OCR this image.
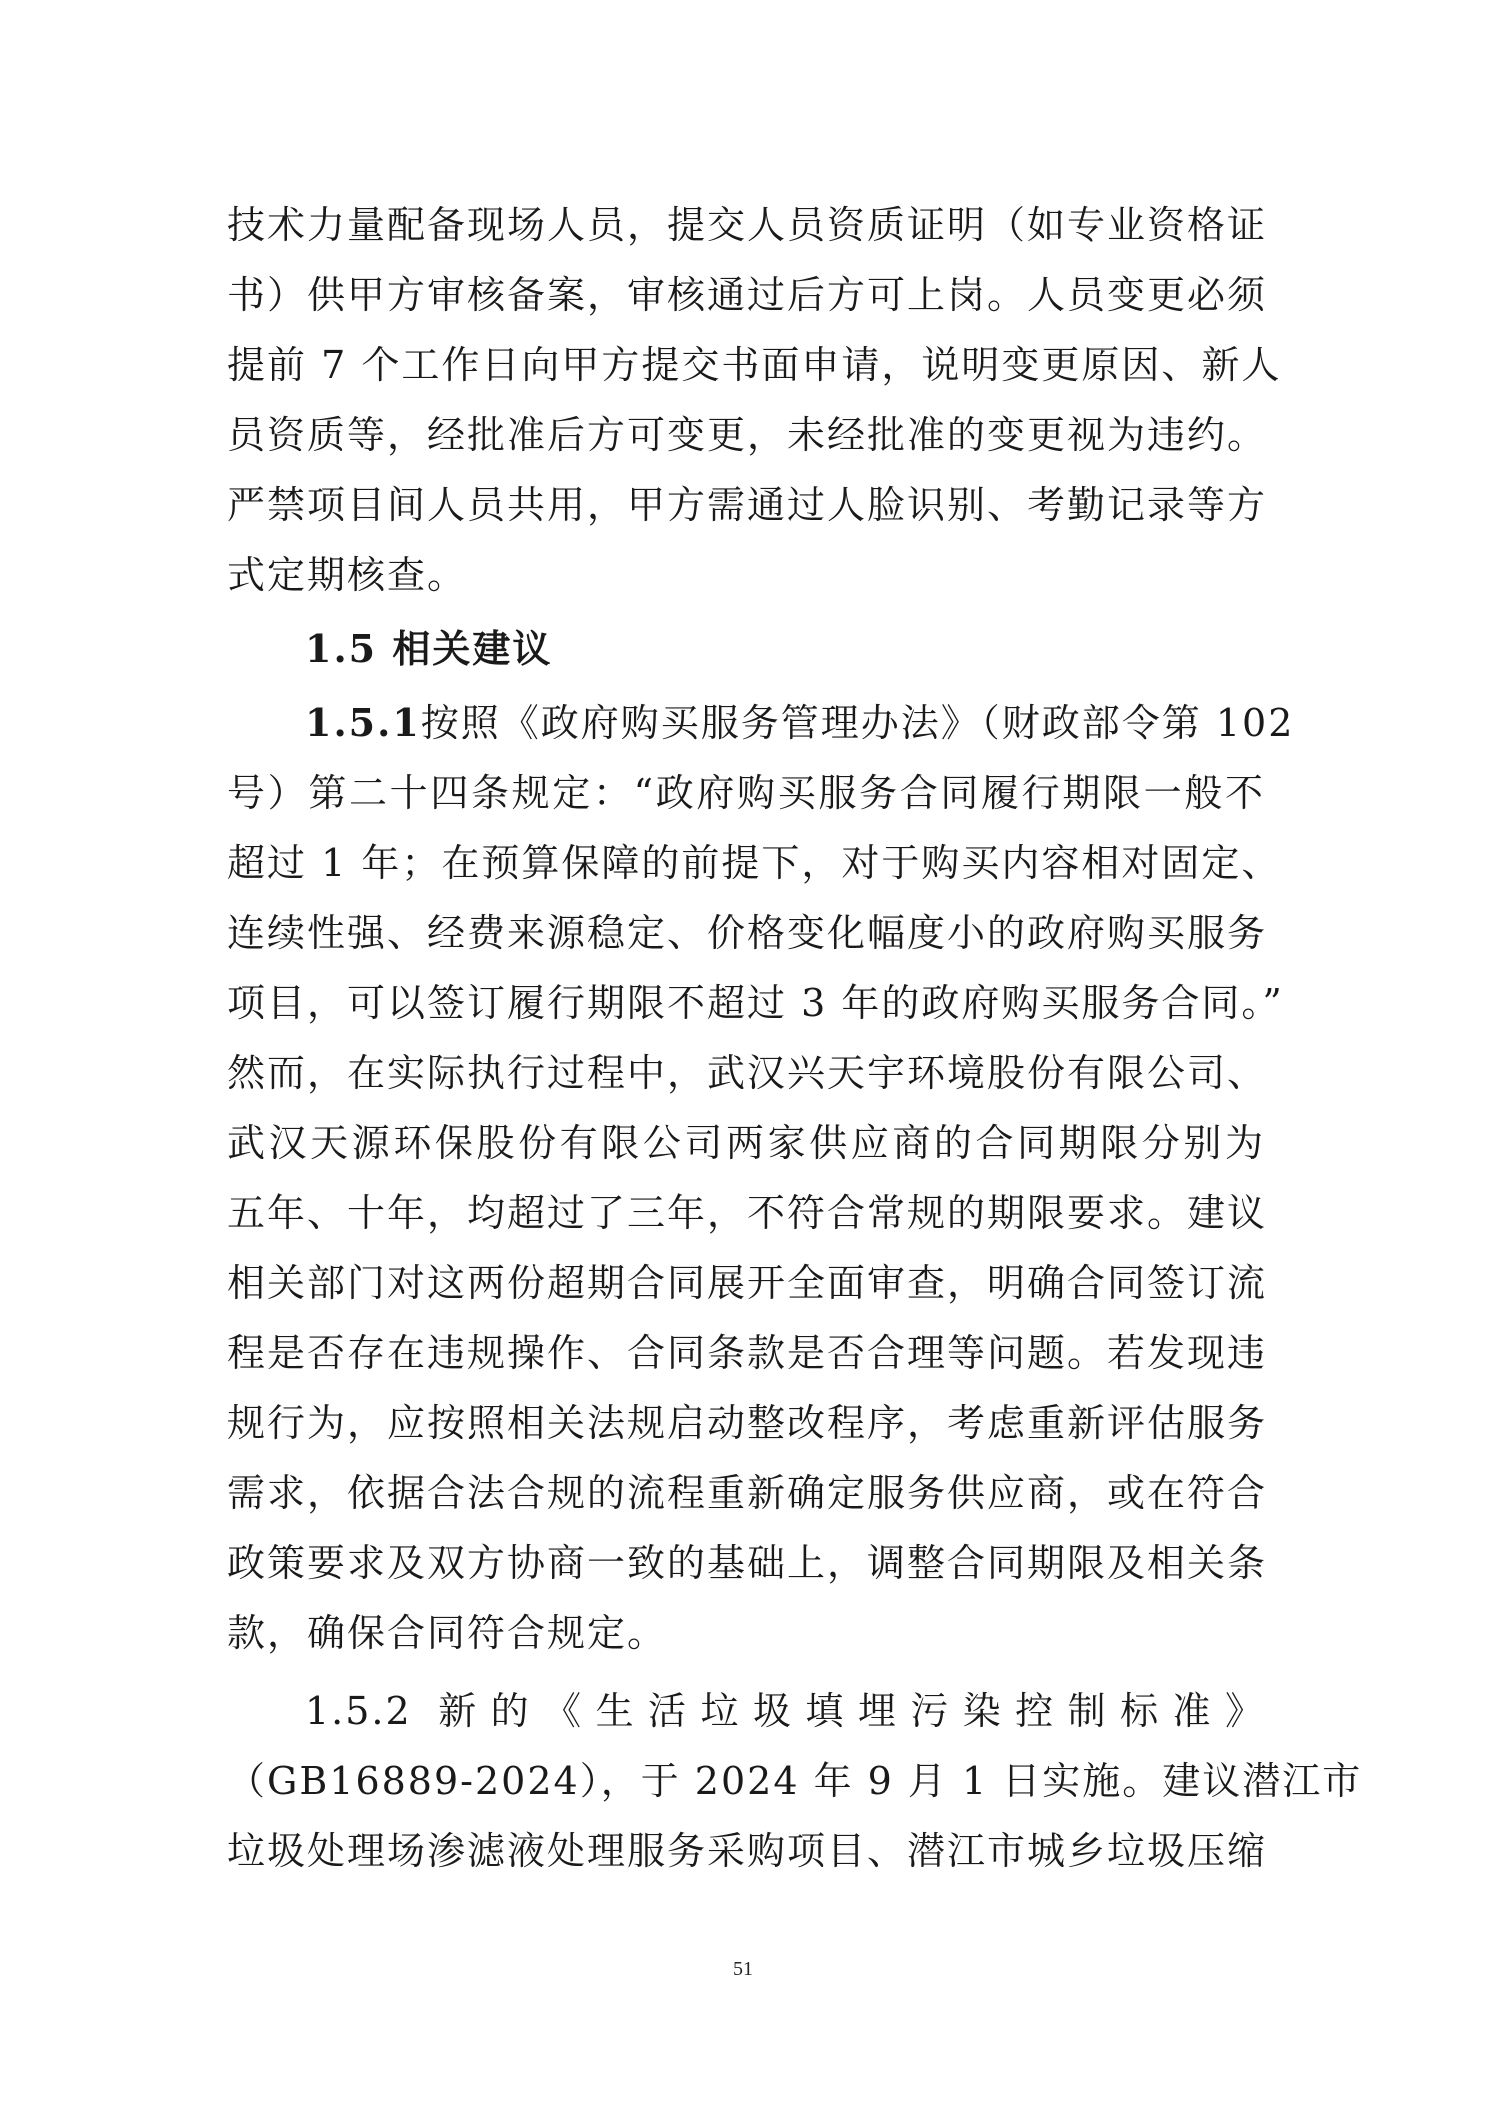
技术力量配备现场人员，提交人员资质证明（如专业资格证
书）供甲方审核备案，审核通过后方可上岗。人员变更必须
提前 7 个工作日向甲方提交书面申请，说明变更原因、新人
员资质等，经批准后方可变更，未经批准的变更视为违约。
严禁项目间人员共用，甲方需通过人脸识别、考勤记录等方
式定期核查。
1.5 相关建议
1.5.1按照《政府购买服务管理办法》（财政部令第 102
号）第二十四条规定：“政府购买服务合同履行期限一般不
超过 1 年；在预算保障的前提下，对于购买内容相对固定、
连续性强、经费来源稳定、价格变化幅度小的政府购买服务
项目，可以签订履行期限不超过 3 年的政府购买服务合同。”
然而，在实际执行过程中，武汉兴天宇环境股份有限公司、
武汉天源环保股份有限公司两家供应商的合同期限分别为
五年、十年，均超过了三年，不符合常规的期限要求。建议
相关部门对这两份超期合同展开全面审查，明确合同签订流
程是否存在违规操作、合同条款是否合理等问题。若发现违
规行为，应按照相关法规启动整改程序，考虑重新评估服务
需求，依据合法合规的流程重新确定服务供应商，或在符合
政策要求及双方协商一致的基础上，调整合同期限及相关条
款，确保合同符合规定。
1.5.2 新的《生活垃圾填埋污染控制标准》
（GB16889-2024），于 2024 年 9 月 1 日实施。建议潜江市
垃圾处理场渗滤液处理服务采购项目、潜江市城乡垃圾压缩
51
